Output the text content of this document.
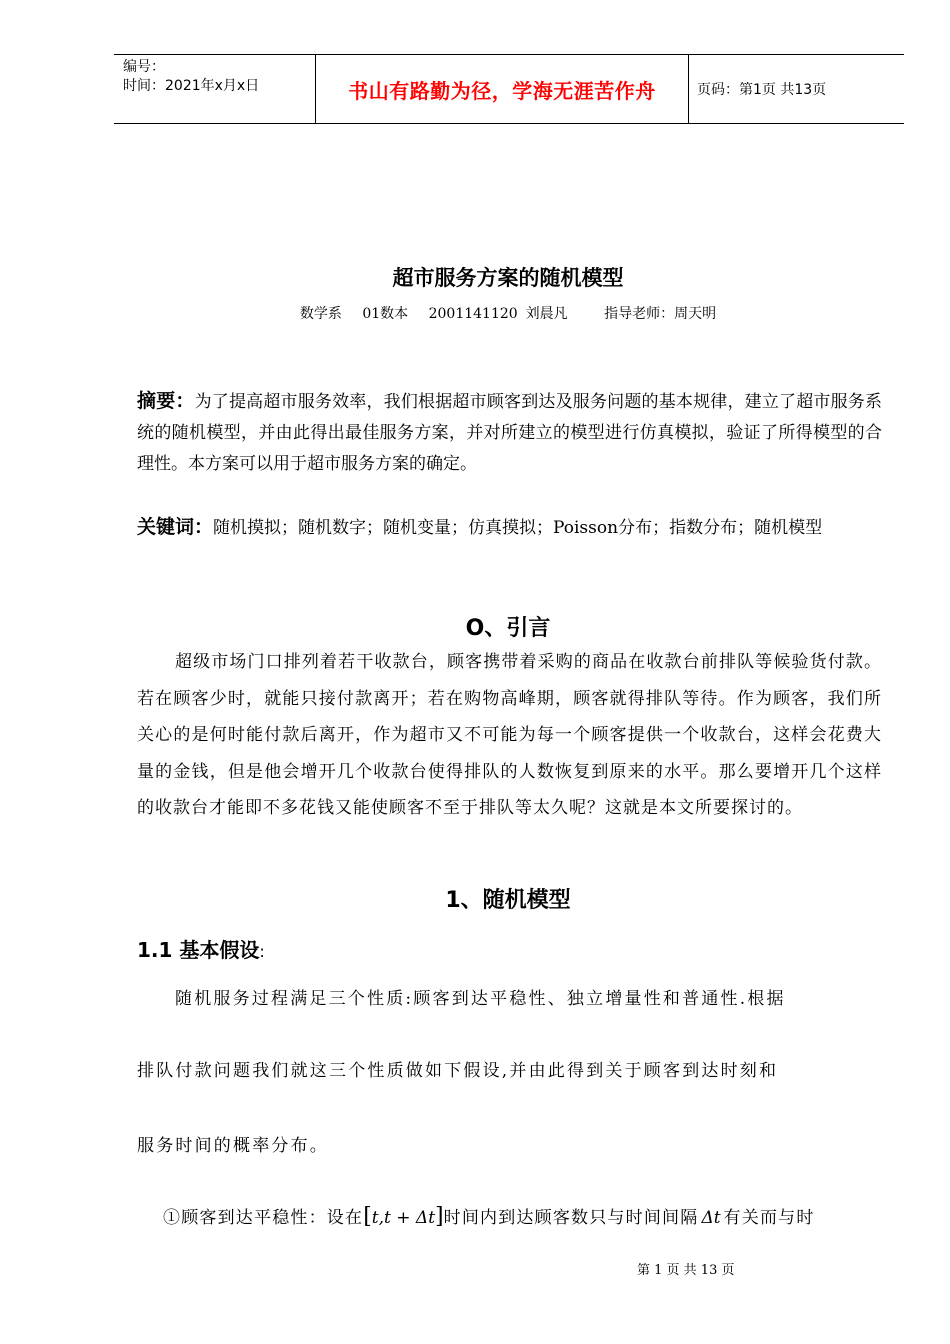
编号：
时间：2021年x月x日	书山有路勤为径，学海无涯苦作舟	页码：第1页 共13页
超市服务方案的随机模型
数学系 01数本 2001141120 刘晨凡	指导老师：周天明
摘要：为了提高超市服务效率，我们根据超市顾客到达及服务问题的基本规律，建立了超市服务系统的随机模型，并由此得出最佳服务方案，并对所建立的模型进行仿真模拟，验证了所得模型的合理性。本方案可以用于超市服务方案的确定。
关键词：随机摸拟；随机数字；随机变量；仿真摸拟；Poisson分布；指数分布；随机模型
O、引言
超级市场门口排列着若干收款台，顾客携带着采购的商品在收款台前排队等候验货付款。若在顾客少时，就能只接付款离开；若在购物高峰期，顾客就得排队等待。作为顾客，我们所关心的是何时能付款后离开，作为超市又不可能为每一个顾客提供一个收款台，这样会花费大量的金钱，但是他会增开几个收款台使得排队的人数恢复到原来的水平。那么要增开几个这样的收款台才能即不多花钱又能使顾客不至于排队等太久呢？这就是本文所要探讨的。
1、随机模型
1.1 基本假设:
随机服务过程满足三个性质:顾客到达平稳性、独立增量性和普通性.根据
排队付款问题我们就这三个性质做如下假设,并由此得到关于顾客到达时刻和
服务时间的概率分布。
①顾客到达平稳性：设在[t,t + Δt]时间内到达顾客数只与时间间隔 Δt 有关而与时
第 1 页 共 13 页
